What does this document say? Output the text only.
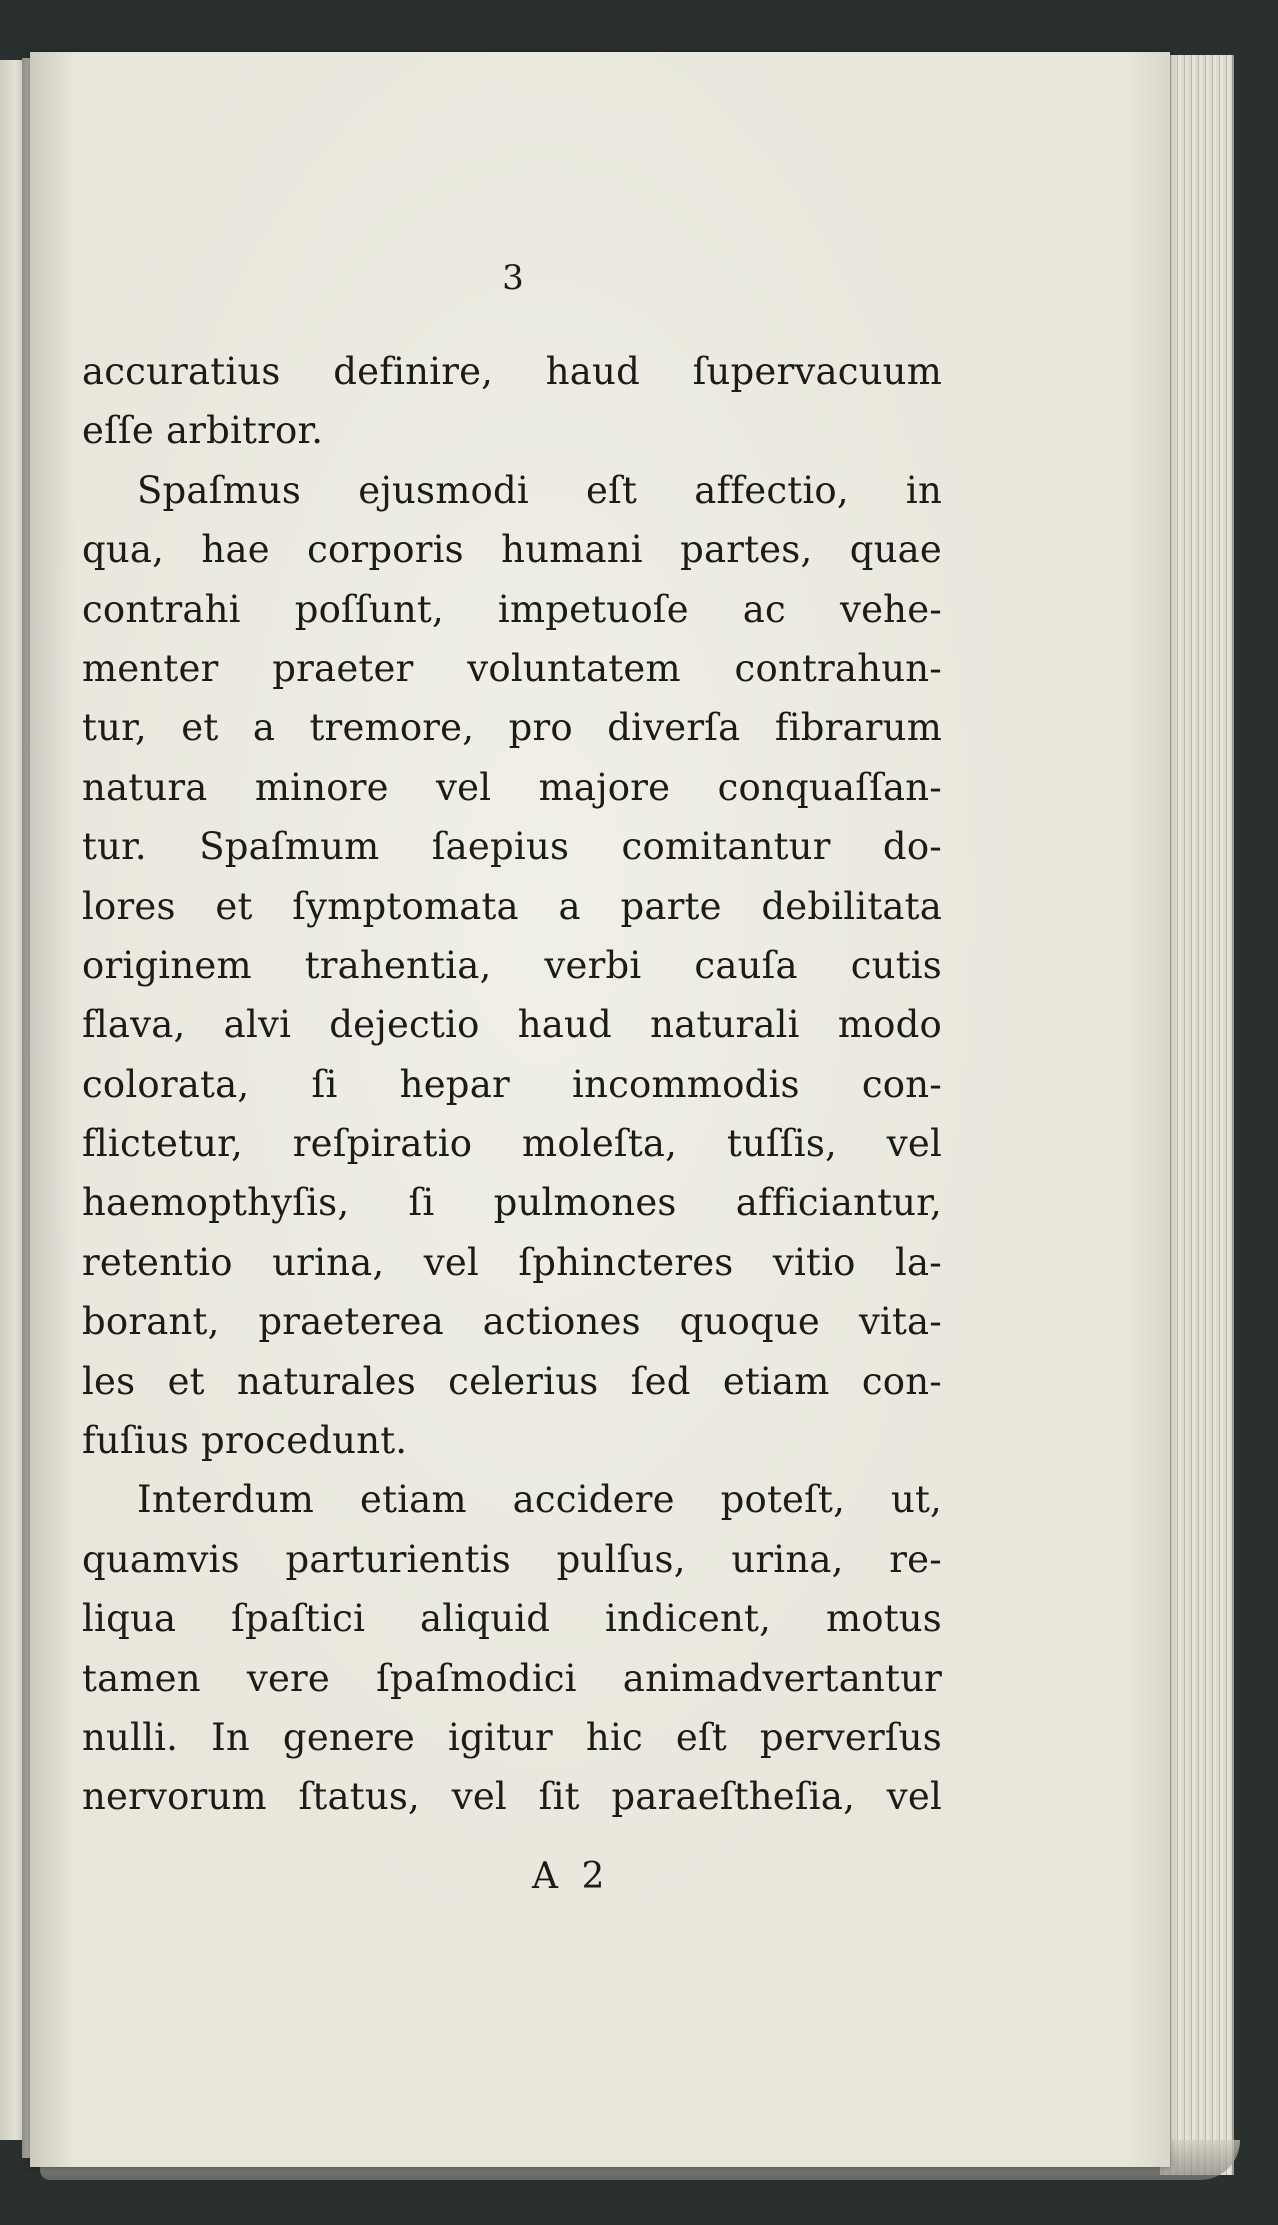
3
accuratius definire, haud ſupervacuum
eſſe arbitror.
Spaſmus ejusmodi eſt affectio, in
qua, hae corporis humani partes, quae
contrahi poſſunt, impetuoſe ac vehe-
menter praeter voluntatem contrahun-
tur, et a tremore, pro diverſa fibrarum
natura minore vel majore conquaſſan-
tur. Spaſmum ſaepius comitantur do-
lores et ſymptomata a parte debilitata
originem trahentia, verbi cauſa cutis
flava, alvi dejectio haud naturali modo
colorata, ſi hepar incommodis con-
flictetur, reſpiratio moleſta, tuſſis, vel
haemopthyſis, ſi pulmones afficiantur,
retentio urina, vel ſphincteres vitio la-
borant, praeterea actiones quoque vita-
les et naturales celerius ſed etiam con-
fuſius procedunt.
Interdum etiam accidere poteſt, ut,
quamvis parturientis pulſus, urina, re-
liqua ſpaſtici aliquid indicent, motus
tamen vere ſpaſmodici animadvertantur
nulli. In genere igitur hic eſt perverſus
nervorum ſtatus, vel ſit paraeſtheſia, vel
A 2
